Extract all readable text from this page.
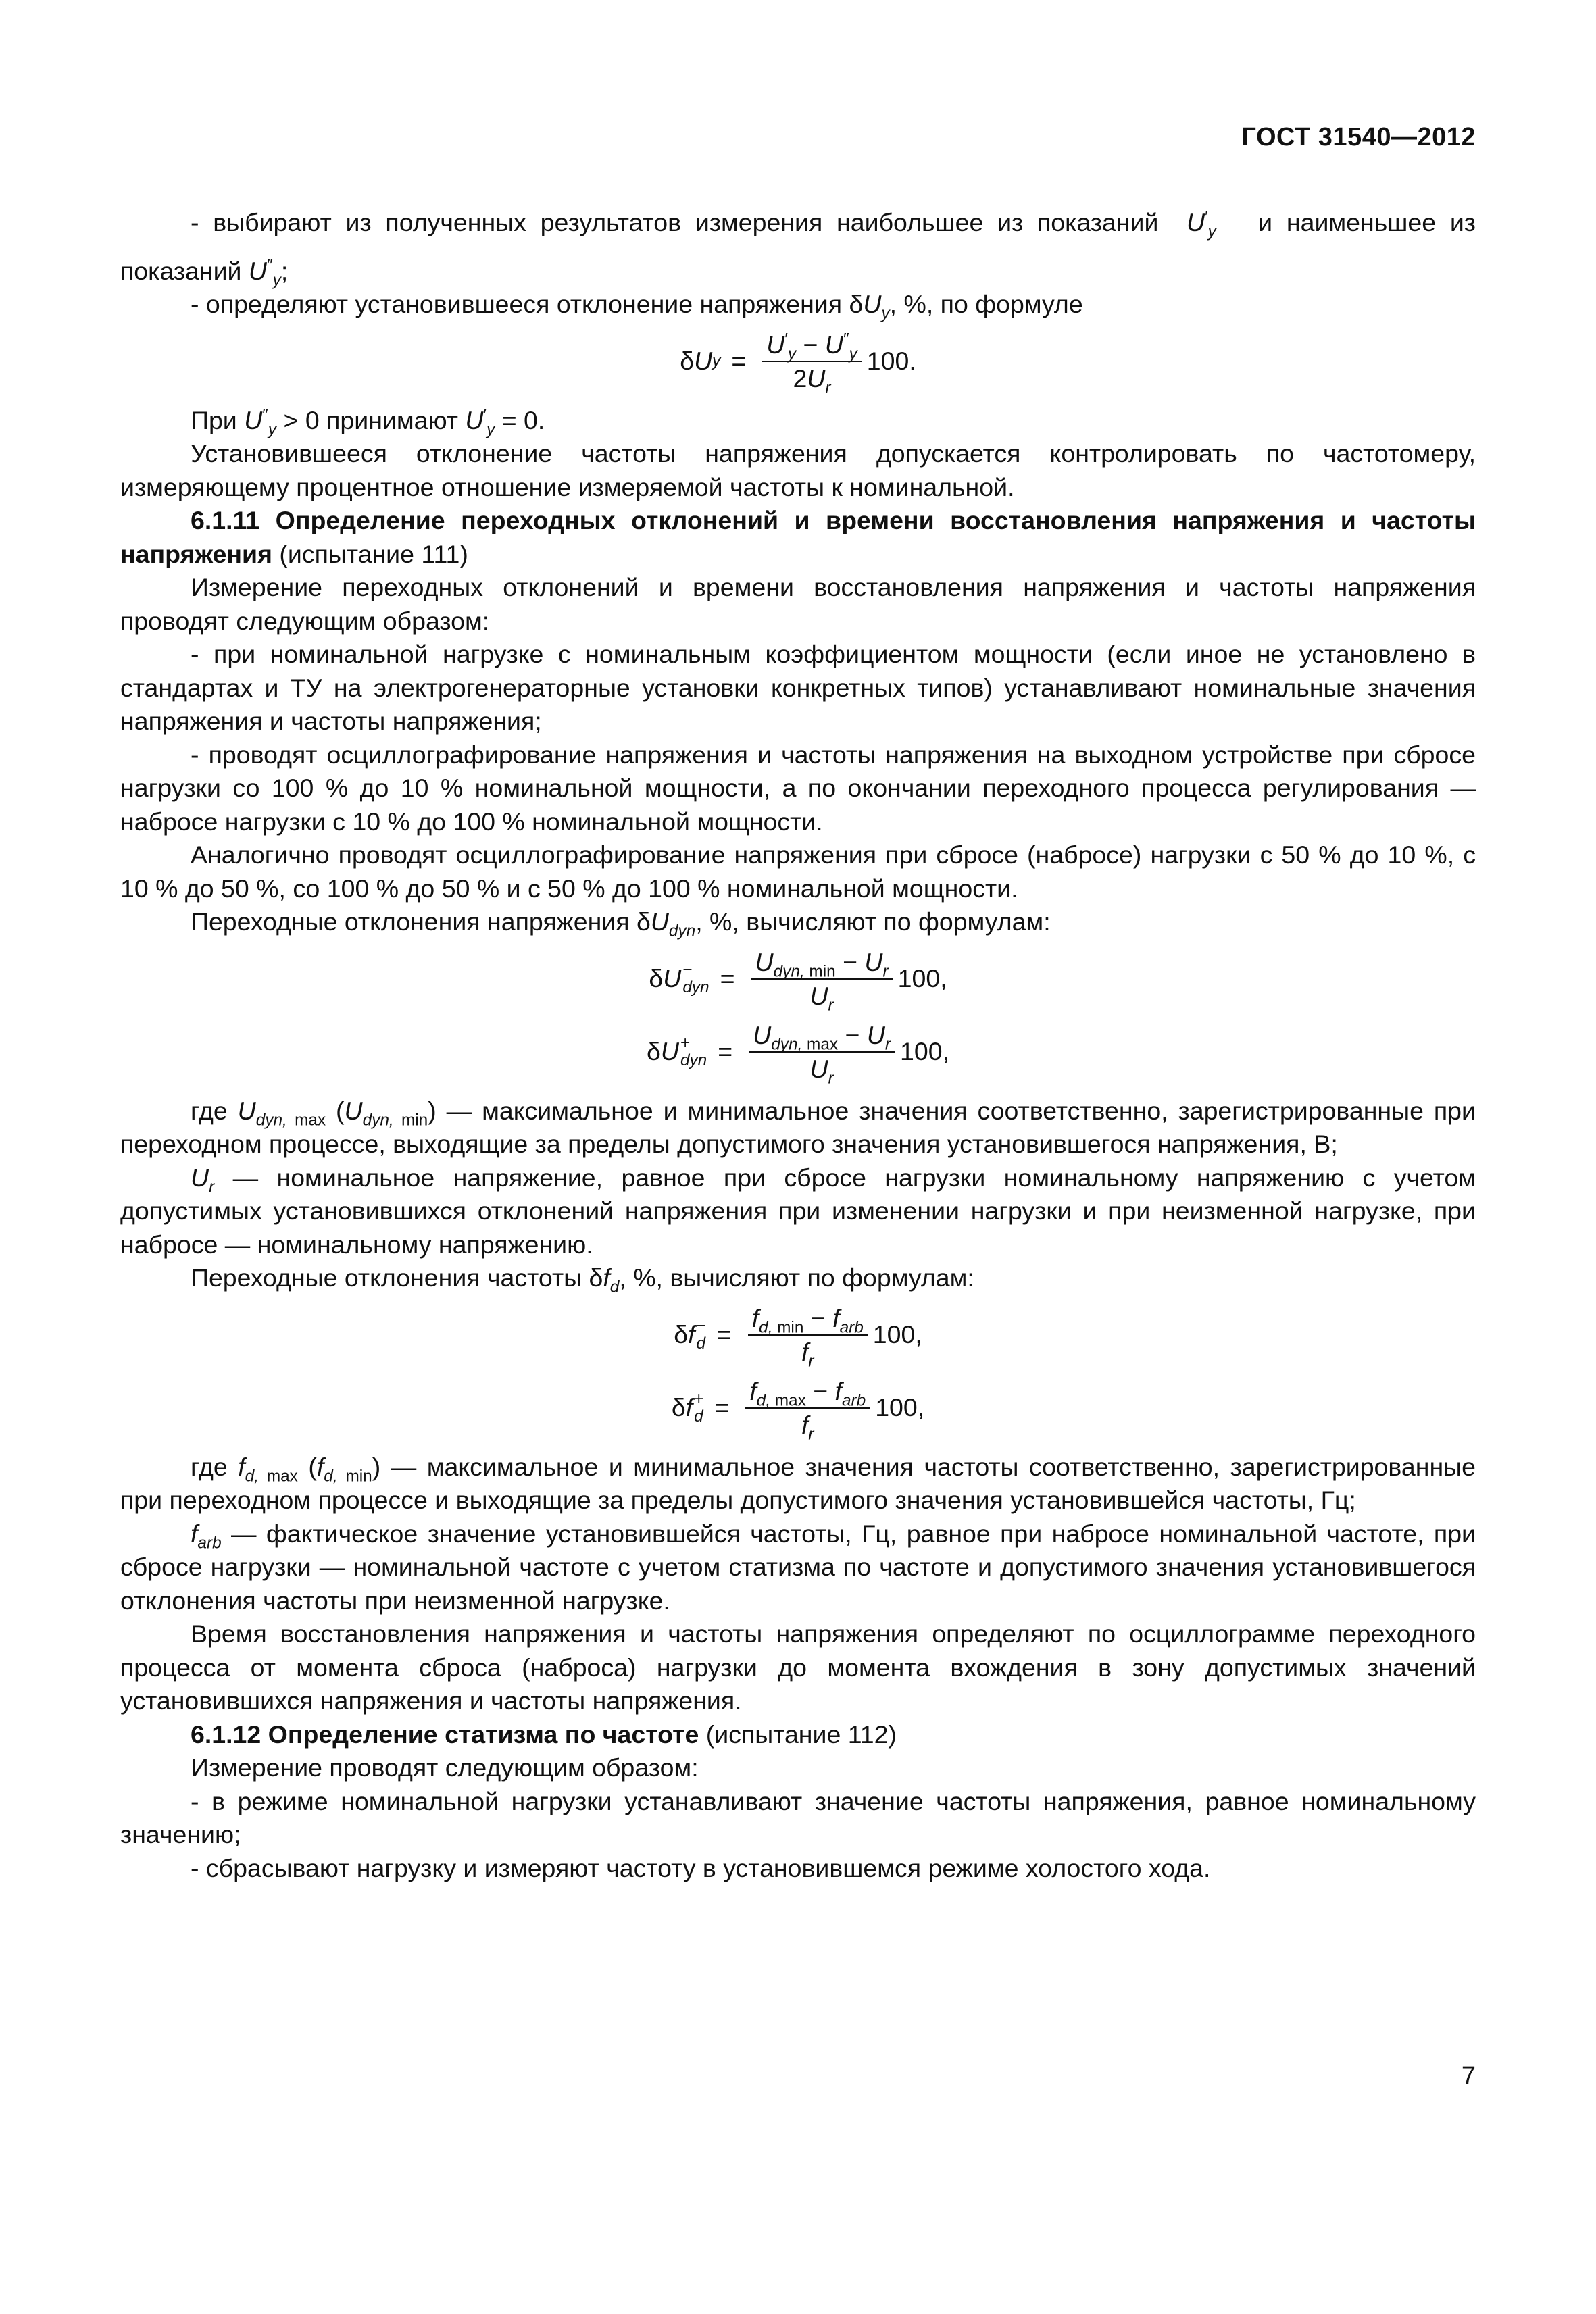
ГОСТ 31540—2012

- выбирают из полученных результатов измерения наибольшее из показаний $U'_y$ и наименьшее из

показаний $U''_y$;

- определяют установившееся отклонение напряжения $\delta U_y$, %, по формуле

δ U $y = \frac{U'_y - U''_y}{2U_r} 100$ .

При $U''_y > 0$ принимают $U'_y = 0$.

Установившееся отклонение частоты напряжения допускается контролировать по частотомеру, измеряющему процентное отношение измеряемой частоты к номинальной.

6.1.11 Определение переходных отклонений и времени восстановления напряжения и частоты напряжения (испытание 111)

Измерение переходных отклонений и времени восстановления напряжения и частоты напряжения проводят следующим образом:

- при номинальной нагрузке с номинальным коэффициентом мощности (если иное не установлено в стандартах и ТУ на электрогенераторные установки конкретных типов) устанавливают номинальные значения напряжения и частоты напряжения;

- проводят осциллографирование напряжения и частоты напряжения на выходном устройстве при сбросе нагрузки со 100 % до 10 % номинальной мощности, а по окончании переходного процесса регулирования — набросе нагрузки с 10 % до 100 % номинальной мощности.

Аналогично проводят осциллографирование напряжения при сбросе (набросе) нагрузки с 50 % до 10 %, с 10 % до 50 %, со 100 % до 50 % и с 50 % до 100 % номинальной мощности.

Переходные отклонения напряжения $\delta U_{dyn}$, %, вычисляют по формулам:

δ U −
dyn = $\frac{U_{dyn, min} - U_r}{U_r} 100$ ,
δ U +
dyn = $\frac{U_{dyn, max} - U_r}{U_r} 100$ ,

где $U_{dyn, max}$ $(U_{dyn, min})$ — максимальное и минимальное значения соответственно, зарегистрированные при переходном процессе, выходящие за пределы допустимого значения установившегося напряжения, В;

$U_r$ — номинальное напряжение, равное при сбросе нагрузки номинальному напряжению с учетом допустимых установившихся отклонений напряжения при изменении нагрузки и при неизменной нагрузке, при набросе — номинальному напряжению.

Переходные отклонения частоты $\delta f_d$, %, вычисляют по формулам:

δ f −
$d = \frac{f_{d, min} - f_{arb}}{f_r} 100$ ,
δ f +
$d = \frac{f_{d, max} - f_{arb}}{f_r} 100$ ,

где $f_{d, max}$ $(f_{d, min})$ — максимальное и минимальное значения частоты соответственно, зарегистрированные при переходном процессе и выходящие за пределы допустимого значения установившейся частоты, Гц;

$f_{arb}$ — фактическое значение установившейся частоты, Гц, равное при набросе номинальной частоте, при сбросе нагрузки — номинальной частоте с учетом статизма по частоте и допустимого значения установившегося отклонения частоты при неизменной нагрузке.

Время восстановления напряжения и частоты напряжения определяют по осциллограмме переходного процесса от момента сброса (наброса) нагрузки до момента вхождения в зону допустимых значений установившихся напряжения и частоты напряжения.

6.1.12 Определение статизма по частоте (испытание 112)

Измерение проводят следующим образом:

- в режиме номинальной нагрузки устанавливают значение частоты напряжения, равное номинальному значению;

- сбрасывают нагрузку и измеряют частоту в установившемся режиме холостого хода.

7
